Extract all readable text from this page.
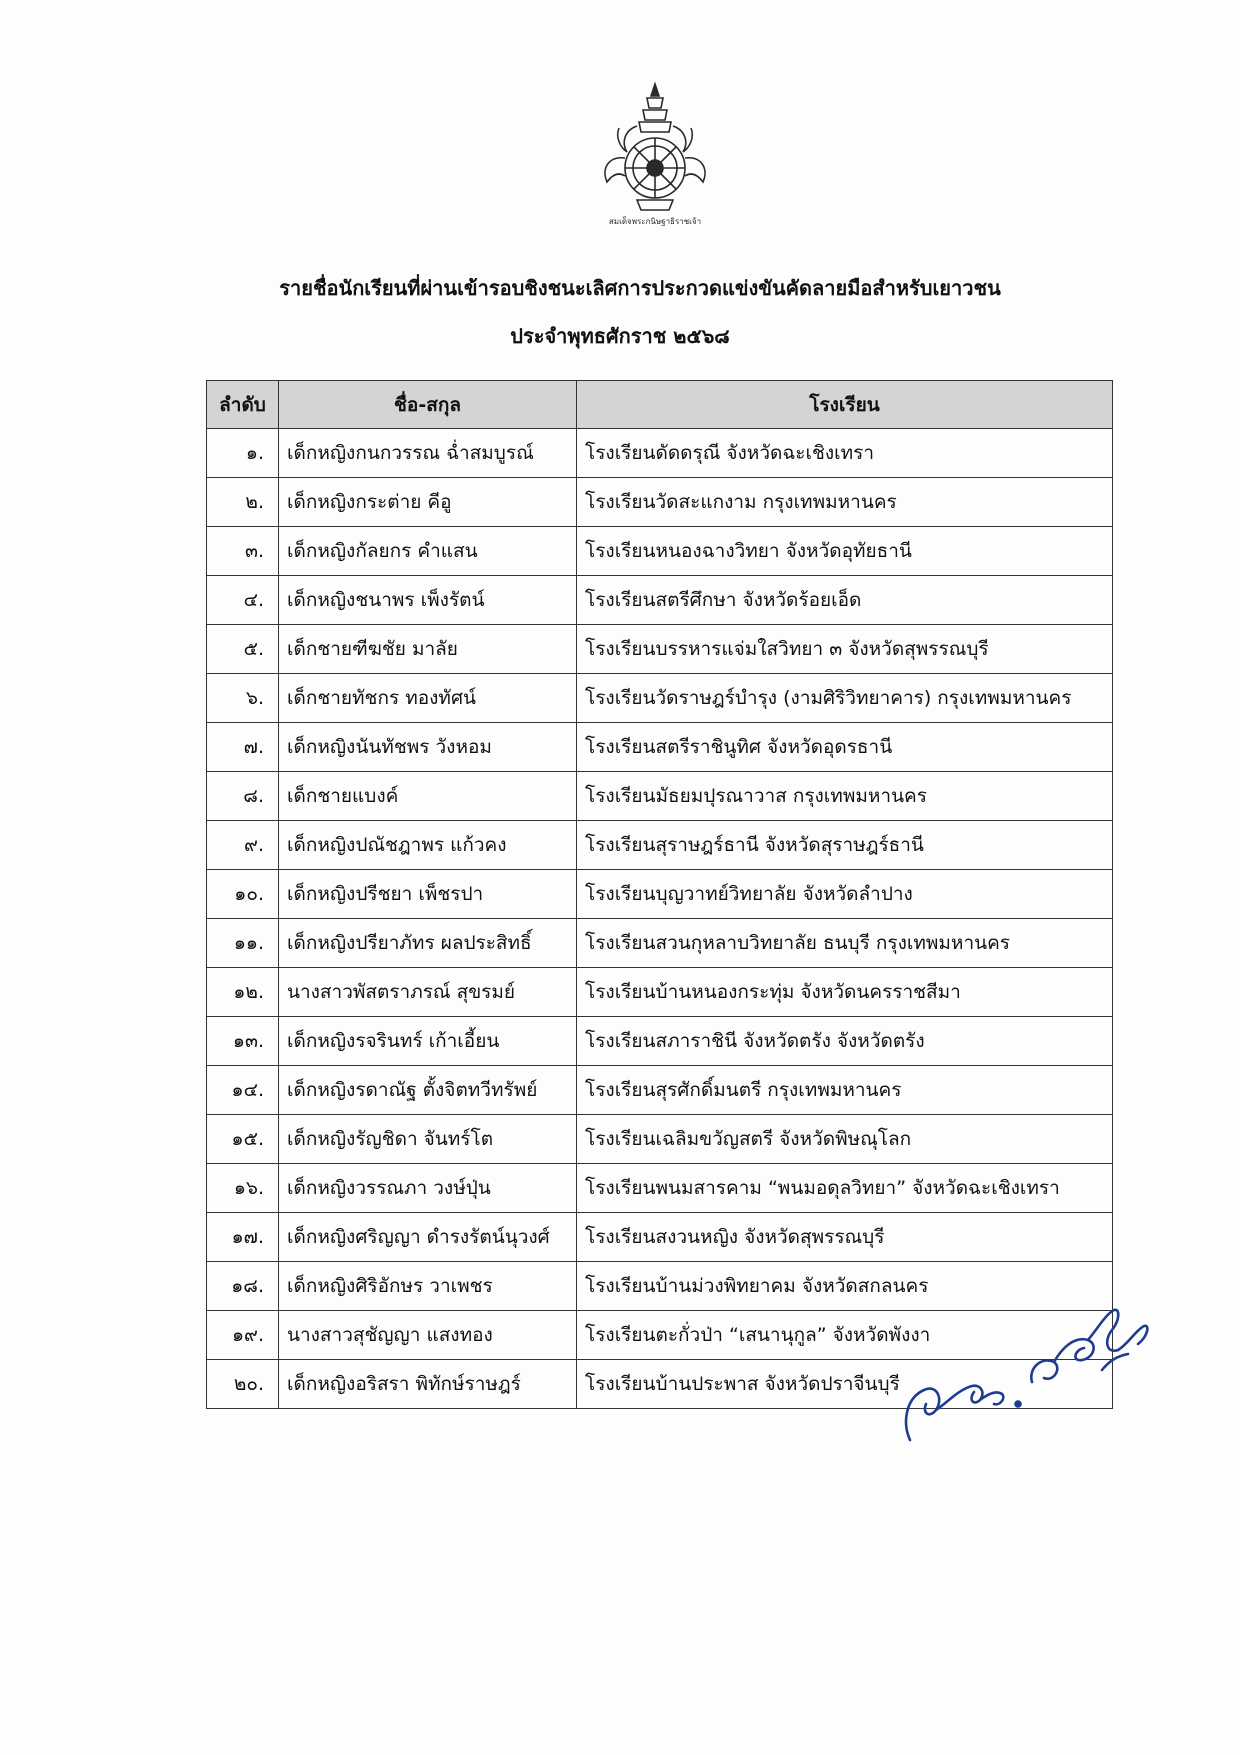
สมเด็จพระกนิษฐาธิราชเจ้า
รายชื่อนักเรียนที่ผ่านเข้ารอบชิงชนะเลิศการประกวดแข่งขันคัดลายมือสำหรับเยาวชน
ประจำพุทธศักราช ๒๕๖๘
ลำดับ	ชื่อ-สกุล	โรงเรียน
๑.	เด็กหญิงกนกวรรณ ฉ่ำสมบูรณ์	โรงเรียนดัดดรุณี จังหวัดฉะเชิงเทรา
๒.	เด็กหญิงกระต่าย คีอู	โรงเรียนวัดสะแกงาม กรุงเทพมหานคร
๓.	เด็กหญิงกัลยกร คำแสน	โรงเรียนหนองฉางวิทยา จังหวัดอุทัยธานี
๔.	เด็กหญิงชนาพร เพ็งรัตน์	โรงเรียนสตรีศึกษา จังหวัดร้อยเอ็ด
๕.	เด็กชายฑีฆชัย มาลัย	โรงเรียนบรรหารแจ่มใสวิทยา ๓ จังหวัดสุพรรณบุรี
๖.	เด็กชายทัชกร ทองทัศน์	โรงเรียนวัดราษฎร์บำรุง (งามศิริวิทยาคาร) กรุงเทพมหานคร
๗.	เด็กหญิงนันทัชพร วังหอม	โรงเรียนสตรีราชินูทิศ จังหวัดอุดรธานี
๘.	เด็กชายแบงค์	โรงเรียนมัธยมปุรณาวาส กรุงเทพมหานคร
๙.	เด็กหญิงปณัชฎาพร แก้วคง	โรงเรียนสุราษฎร์ธานี จังหวัดสุราษฎร์ธานี
๑๐.	เด็กหญิงปรีชยา เพ็ชรปา	โรงเรียนบุญวาทย์วิทยาลัย จังหวัดลำปาง
๑๑.	เด็กหญิงปรียาภัทร ผลประสิทธิ์	โรงเรียนสวนกุหลาบวิทยาลัย ธนบุรี กรุงเทพมหานคร
๑๒.	นางสาวพัสตราภรณ์ สุขรมย์	โรงเรียนบ้านหนองกระทุ่ม จังหวัดนครราชสีมา
๑๓.	เด็กหญิงรจรินทร์ เก้าเอี้ยน	โรงเรียนสภาราชินี จังหวัดตรัง จังหวัดตรัง
๑๔.	เด็กหญิงรดาณัฐ ตั้งจิตทวีทรัพย์	โรงเรียนสุรศักดิ์มนตรี กรุงเทพมหานคร
๑๕.	เด็กหญิงรัญชิดา จันทร์โต	โรงเรียนเฉลิมขวัญสตรี จังหวัดพิษณุโลก
๑๖.	เด็กหญิงวรรณภา วงษ์ปุ่น	โรงเรียนพนมสารคาม “พนมอดุลวิทยา” จังหวัดฉะเชิงเทรา
๑๗.	เด็กหญิงศริญญา ดำรงรัตน์นุวงศ์	โรงเรียนสงวนหญิง จังหวัดสุพรรณบุรี
๑๘.	เด็กหญิงศิริอักษร วาเพชร	โรงเรียนบ้านม่วงพิทยาคม จังหวัดสกลนคร
๑๙.	นางสาวสุชัญญา แสงทอง	โรงเรียนตะกั่วป่า “เสนานุกูล” จังหวัดพังงา
๒๐.	เด็กหญิงอริสรา พิทักษ์ราษฎร์	โรงเรียนบ้านประพาส จังหวัดปราจีนบุรี
